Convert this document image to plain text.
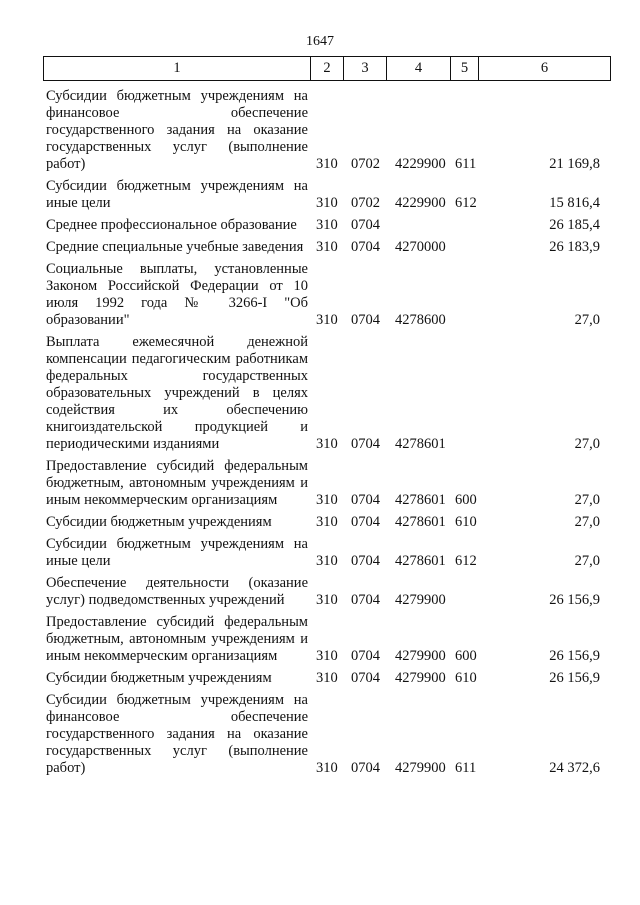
1647
1	2	3	4	5	6
Субсидии бюджетным учреждениям на финансовое обеспечение государственного задания на оказание государственных услуг (выполнение работ)	310 0702 4229900 611	21 169,8
Субсидии бюджетным учреждениям на иные цели	310 0702 4229900 612	15 816,4
Среднее профессиональное образование	310 0704	26 185,4
Средние специальные учебные заведения 310 0704 4270000	26 183,9
Социальные выплаты, установленные Законом Российской Федерации от 10 июля 1992 года № 3266-I "Об образовании"	310 0704 4278600	27,0
Выплата ежемесячной денежной компенсации педагогическим работникам федеральных государственных образовательных учреждений в целях содействия их обеспечению книгоиздательской продукцией и периодическими изданиями	310 0704 4278601	27,0
Предоставление субсидий федеральным бюджетным, автономным учреждениям и иным некоммерческим организациям	310 0704 4278601 600	27,0
Субсидии бюджетным учреждениям	310 0704 4278601 610	27,0
Субсидии бюджетным учреждениям на иные цели	310 0704 4278601 612	27,0
Обеспечение деятельности (оказание услуг) подведомственных учреждений	310 0704 4279900	26 156,9
Предоставление субсидий федеральным бюджетным, автономным учреждениям и иным некоммерческим организациям	310 0704 4279900 600	26 156,9
Субсидии бюджетным учреждениям	310 0704 4279900 610	26 156,9
Субсидии бюджетным учреждениям на финансовое обеспечение государственного задания на оказание государственных услуг (выполнение работ)	310 0704 4279900 611	24 372,6
